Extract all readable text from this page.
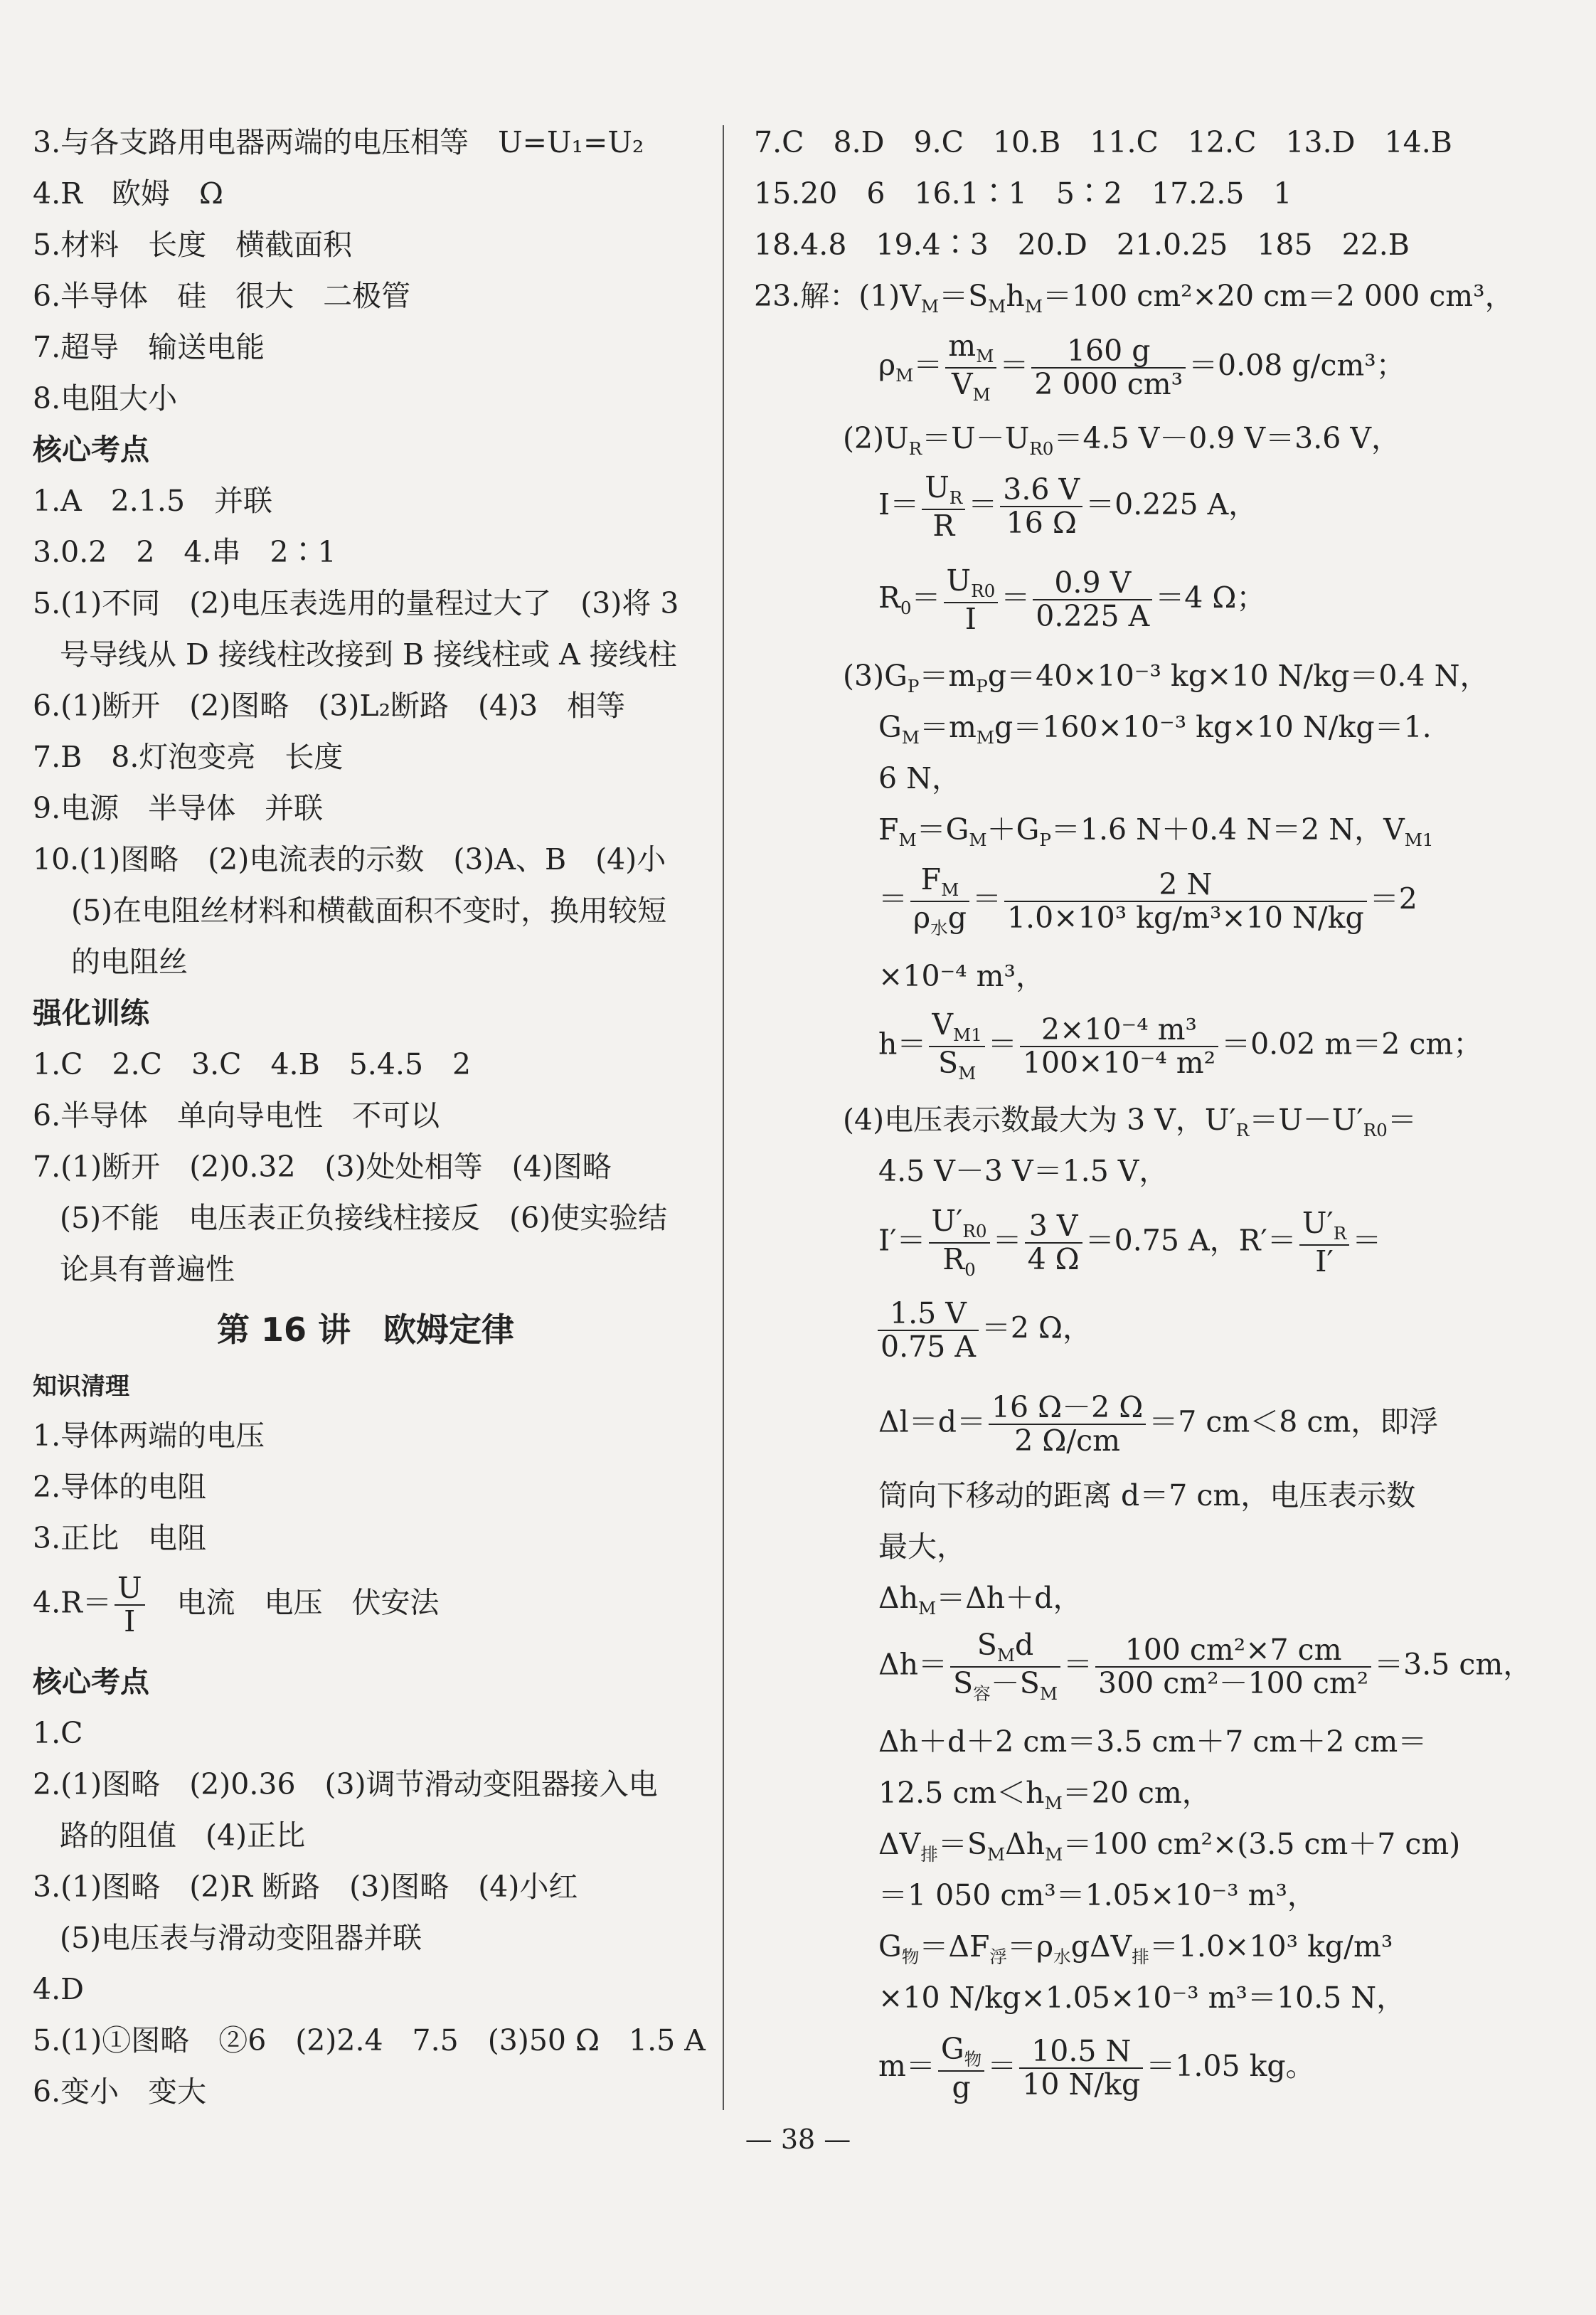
3.与各支路用电器两端的电压相等　U=U₁=U₂
4.R　欧姆　Ω
5.材料　长度　横截面积
6.半导体　硅　很大　二极管
7.超导　输送电能
8.电阻大小
核心考点
1.A　2.1.5　并联
3.0.2　2　4.串　2∶1
5.(1)不同　(2)电压表选用的量程过大了　(3)将 3
号导线从 D 接线柱改接到 B 接线柱或 A 接线柱
6.(1)断开　(2)图略　(3)L₂断路　(4)3　相等
7.B　8.灯泡变亮　长度
9.电源　半导体　并联
10.(1)图略　(2)电流表的示数　(3)A、B　(4)小
(5)在电阻丝材料和横截面积不变时，换用较短
的电阻丝
强化训练
1.C　2.C　3.C　4.B　5.4.5　2
6.半导体　单向导电性　不可以
7.(1)断开　(2)0.32　(3)处处相等　(4)图略
(5)不能　电压表正负接线柱接反　(6)使实验结
论具有普遍性
第 16 讲　欧姆定律
知识清理
1.导体两端的电压
2.导体的电阻
3.正比　电阻
$4.R= \frac{U}{I}$ 　电流　电压　伏安法
核心考点
1.C
2.(1)图略　(2)0.36　(3)调节滑动变阻器接入电
路的阻值　(4)正比
3.(1)图略　(2)R 断路　(3)图略　(4)小红
(5)电压表与滑动变阻器并联
4.D
5.(1)①图略　②6　(2)2.4　7.5　(3)50 Ω　1.5 A
6.变小　变大
7.C　8.D　9.C　10.B　11.C　12.C　13.D　14.B
15.20　6　16.1∶1　5∶2　17.2.5　1
18.4.8　19.4∶3　20.D　21.0.25　185　22.B
23.解：$(1)V_M=S_Mh_M=100$ cm²×20 cm＝2 000 cm³，
$\rho_M= \frac{m_M}{V_M} = \frac{160 g}{\text{2 000 cm³}} =0.08$ g/cm³；
$(2)U_R=U-U_{R0}=4.5$ V－0.9 V＝3.6 V，
$I= \frac{U_R}{R} = \frac{3.6 V}{16 \Omega} =0.225$ A，
$R_0= \frac{U_{R0}}{I} = \frac{0.9 V}{0.225 A} =4$ Ω；
$(3)G_P=m_Pg=40\times 10^{-3}$ kg×10 N/kg＝0.4 N，
$G_M=m_Mg=160\times 10^{-3}$ kg×10 N/kg＝1.
6 N，
$F_M=G_M+G_P=1.6$ N＋0.4 N＝2 N，$V_{M1}$
＝
$F_M$
$\rho_水g$
＝ $\frac{2 N}{\text{1.0×10³ kg/m³×10 N/kg}} =2$
×10⁻⁴ m³，
$h= \frac{V_{M1}}{S_M} = \frac{\text{2×10⁻⁴ m³}}{\text{100×10⁻⁴ m²}} =0.02$ m＝2 cm；
(4)电压表示数最大为 3 V，$U'_R=U-U'_{R0}=$
4.5 V－3 V＝1.5 V，
$I'= \frac{U'_{R0}}{R_0} = \frac{3 V}{4 \Omega} =0.75$ A，$R'= \frac{U'_R}{I'}$ ＝
$\frac{1.5 V}{0.75 A} =2$ Ω，
$\Delta l=d= \frac{16 \Omega-2 \Omega}{2 \Omega/cm} =7$ cm＜8 cm，即浮
筒向下移动的距离 d＝7 cm，电压表示数
最大，
$\Delta h_M=\Delta h+d$，
Δh＝
$S_Md$
$S_容-S_M$
＝ $\frac{\text{100 cm²×7 cm}}{\text{300 cm²－100 cm²}} =3.5$ cm，
Δh＋d＋2 cm＝3.5 cm＋7 cm＋2 cm＝
12.5 $cm<h_M=20$ cm，
$\Delta V_排=S_M\Delta h_M=100$ cm²×(3.5 cm＋7 cm)
＝1 050 cm³＝1.05×10⁻³ m³，
$G_物=\Delta F_浮=\rho_水g\Delta V_排=1.0\times 10^3$ kg/m³
×10 N/kg×1.05×10⁻³ m³＝10.5 N，
$m= G_物$
g
＝ $\frac{10.5 N}{10 N/kg} =1.05$ kg。
— 38 —
